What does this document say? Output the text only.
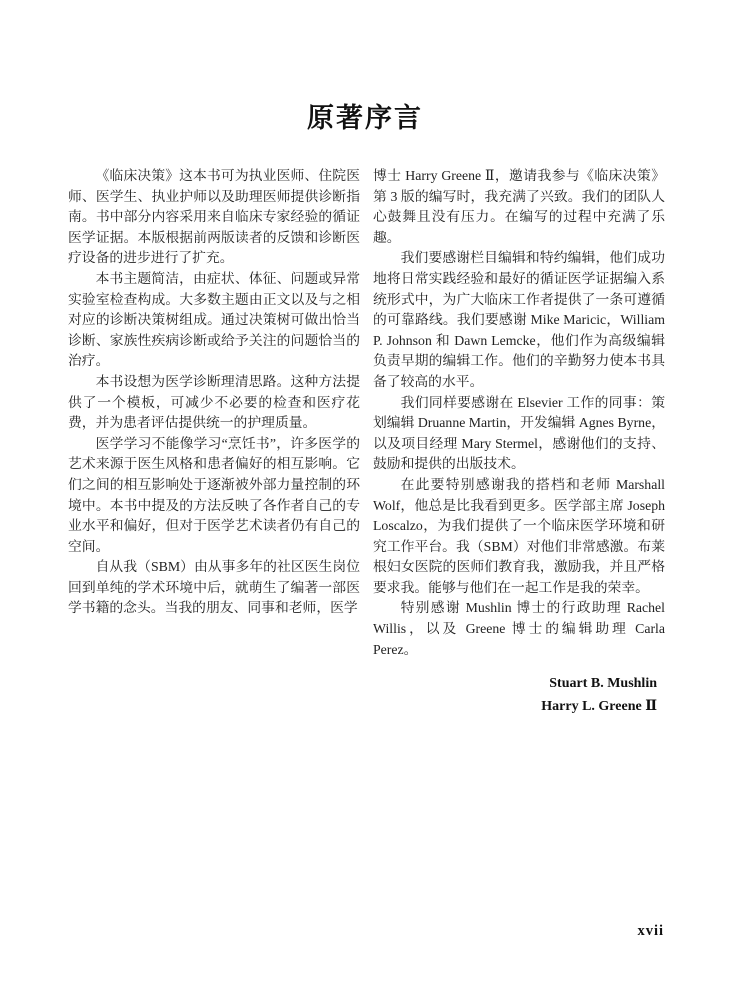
原著序言

《临床决策》这本书可为执业医师、住院医师、医学生、执业护师以及助理医师提供诊断指南。书中部分内容采用来自临床专家经验的循证医学证据。本版根据前两版读者的反馈和诊断医疗设备的进步进行了扩充。

本书主题简洁，由症状、体征、问题或异常实验室检查构成。大多数主题由正文以及与之相对应的诊断决策树组成。通过决策树可做出恰当诊断、家族性疾病诊断或给予关注的问题恰当的治疗。

本书设想为医学诊断理清思路。这种方法提供了一个模板，可减少不必要的检查和医疗花费，并为患者评估提供统一的护理质量。

医学学习不能像学习“烹饪书”，许多医学的艺术来源于医生风格和患者偏好的相互影响。它们之间的相互影响处于逐渐被外部力量控制的环境中。本书中提及的方法反映了各作者自己的专业水平和偏好，但对于医学艺术读者仍有自己的空间。

自从我（SBM）由从事多年的社区医生岗位回到单纯的学术环境中后，就萌生了编著一部医学书籍的念头。当我的朋友、同事和老师，医学

博士 Harry Greene Ⅱ，邀请我参与《临床决策》第 3 版的编写时，我充满了兴致。我们的团队人心鼓舞且没有压力。在编写的过程中充满了乐趣。

我们要感谢栏目编辑和特约编辑，他们成功地将日常实践经验和最好的循证医学证据编入系统形式中，为广大临床工作者提供了一条可遵循的可靠路线。我们要感谢 Mike Maricic，William P. Johnson 和 Dawn Lemcke，他们作为高级编辑负责早期的编辑工作。他们的辛勤努力使本书具备了较高的水平。

我们同样要感谢在 Elsevier 工作的同事：策划编辑 Druanne Martin，开发编辑 Agnes Byrne，以及项目经理 Mary Stermel，感谢他们的支持、鼓励和提供的出版技术。

在此要特别感谢我的搭档和老师 Marshall Wolf，他总是比我看到更多。医学部主席 Joseph Loscalzo，为我们提供了一个临床医学环境和研究工作平台。我（SBM）对他们非常感激。布莱根妇女医院的医师们教育我，激励我，并且严格要求我。能够与他们在一起工作是我的荣幸。

特别感谢 Mushlin 博士的行政助理 Rachel Willis，以及 Greene 博士的编辑助理 Carla Perez。

Stuart B. Mushlin
Harry L. Greene Ⅱ
xvii
